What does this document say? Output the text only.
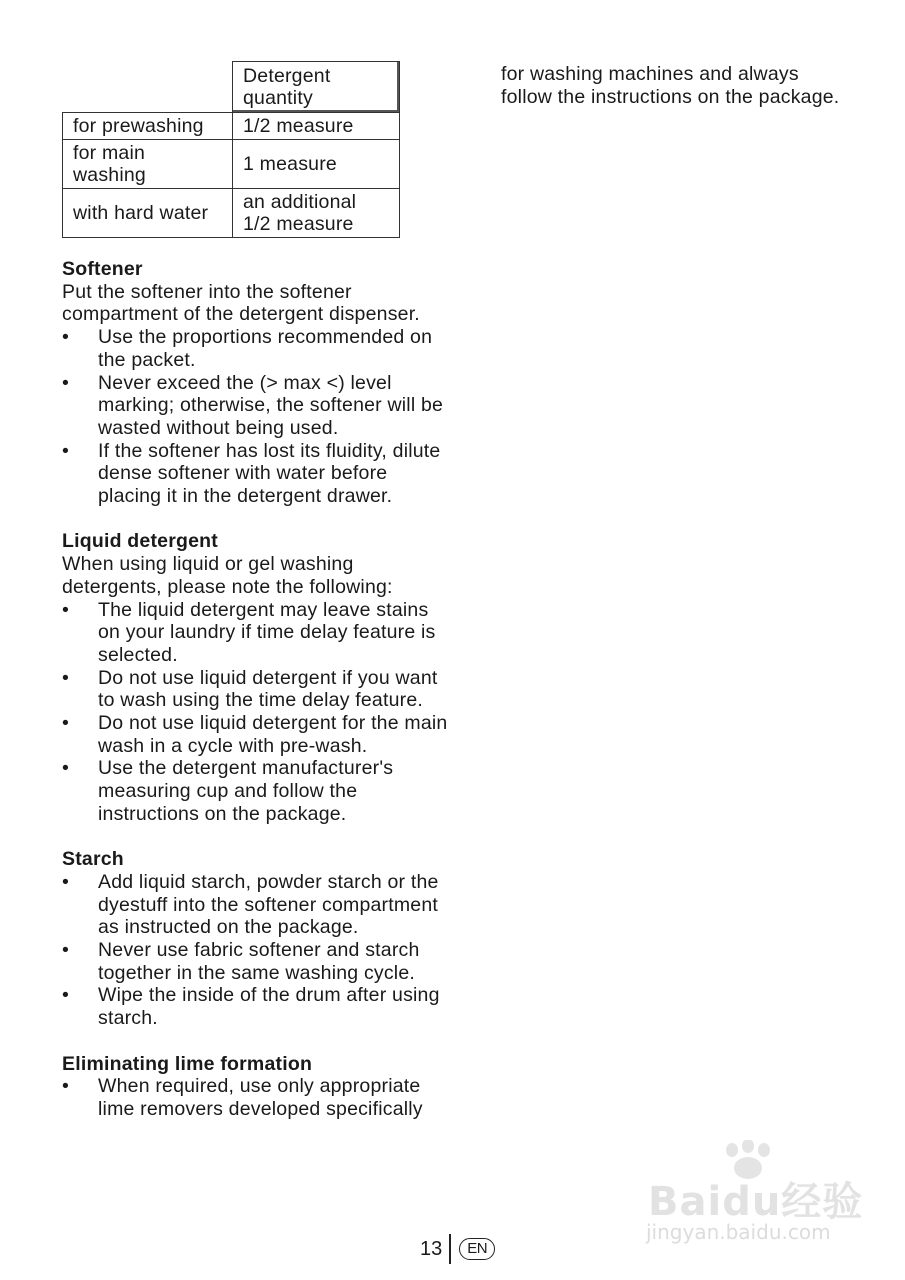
	Detergent quantity
for prewashing	1/2 measure
for main washing	1 measure
with hard water	an additional 1/2 measure
Softener

Put the softener into the softener compartment of the detergent dispenser.

• Use the proportions recommended on the packet.
• Never exceed the (> max <) level marking; otherwise, the softener will be wasted without being used.
• If the softener has lost its fluidity, dilute dense softener with water before placing it in the detergent drawer.
Liquid detergent

When using liquid or gel washing detergents, please note the following:

• The liquid detergent may leave stains on your laundry if time delay feature is selected.
• Do not use liquid detergent if you want to wash using the time delay feature.
• Do not use liquid detergent for the main wash in a cycle with pre-wash.
• Use the detergent manufacturer's measuring cup and follow the instructions on the package.
Starch
• Add liquid starch, powder starch or the dyestuff into the softener compartment as instructed on the package.
• Never use fabric softener and starch together in the same washing cycle.
• Wipe the inside of the drum after using starch.
Eliminating lime formation
• When required, use only appropriate lime removers developed specifically

for washing machines and always follow the instructions on the package.

13	EN
Baidu经验
jingyan.baidu.com
